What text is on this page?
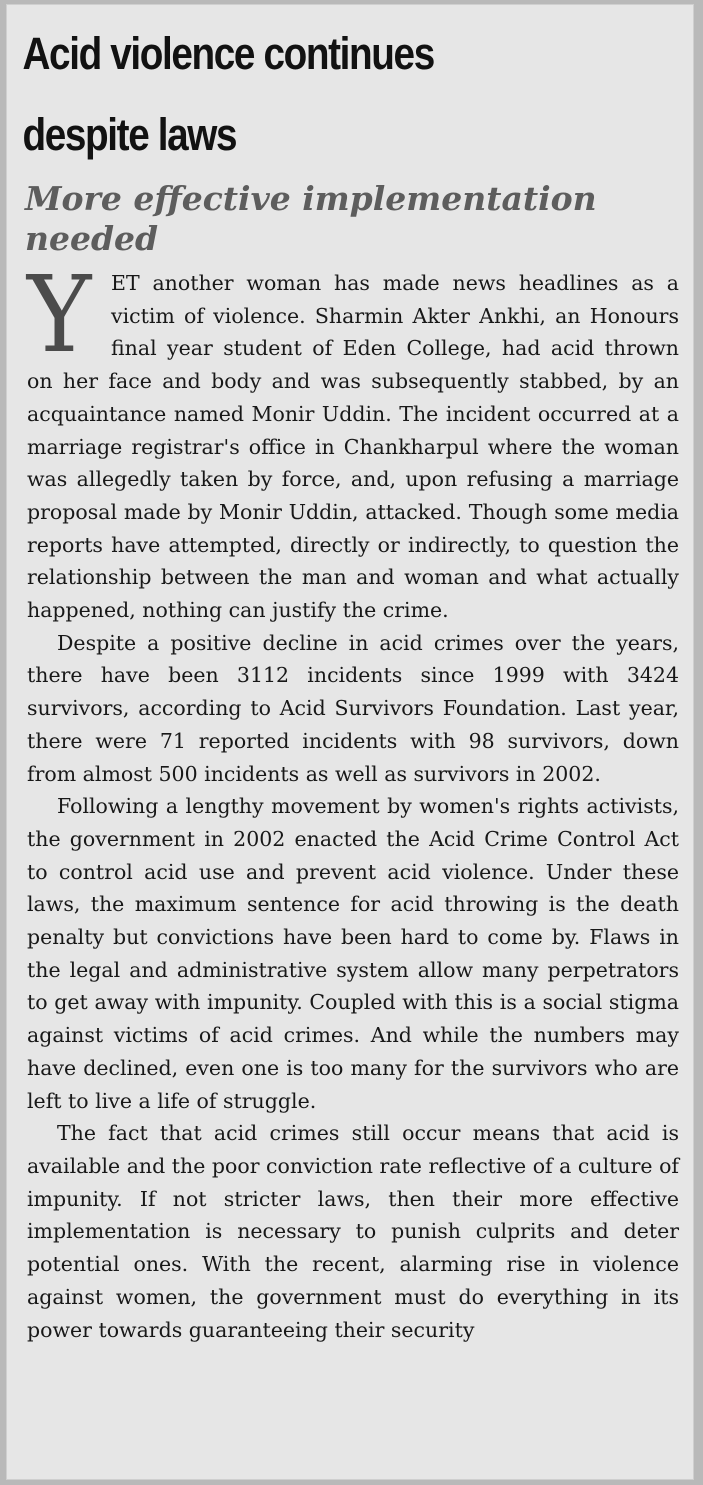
Acid violence continues
despite laws
More effective implementation needed

Y ET another woman has made news headlines as a victim of violence. Sharmin Akter Ankhi, an Honours final year student of Eden College, had acid thrown on her face and body and was subsequently stabbed, by an acquaintance named Monir Uddin. The incident occurred at a marriage registrar's office in Chankharpul where the woman was allegedly taken by force, and, upon refusing a marriage proposal made by Monir Uddin, attacked. Though some media reports have attempted, directly or indirectly, to question the relationship between the man and woman and what actually happened, nothing can justify the crime.

Despite a positive decline in acid crimes over the years, there have been 3112 incidents since 1999 with 3424 survivors, according to Acid Survivors Foundation. Last year, there were 71 reported incidents with 98 survivors, down from almost 500 incidents as well as survivors in 2002.

Following a lengthy movement by women's rights activists, the government in 2002 enacted the Acid Crime Control Act to control acid use and prevent acid violence. Under these laws, the maximum sentence for acid throwing is the death penalty but convictions have been hard to come by. Flaws in the legal and administrative system allow many perpetrators to get away with impunity. Coupled with this is a social stigma against victims of acid crimes. And while the numbers may have declined, even one is too many for the survivors who are left to live a life of struggle.

The fact that acid crimes still occur means that acid is available and the poor conviction rate reflective of a culture of impunity. If not stricter laws, then their more effective implementation is necessary to punish culprits and deter potential ones. With the recent, alarming rise in violence against women, the government must do everything in its power towards guaranteeing their security
